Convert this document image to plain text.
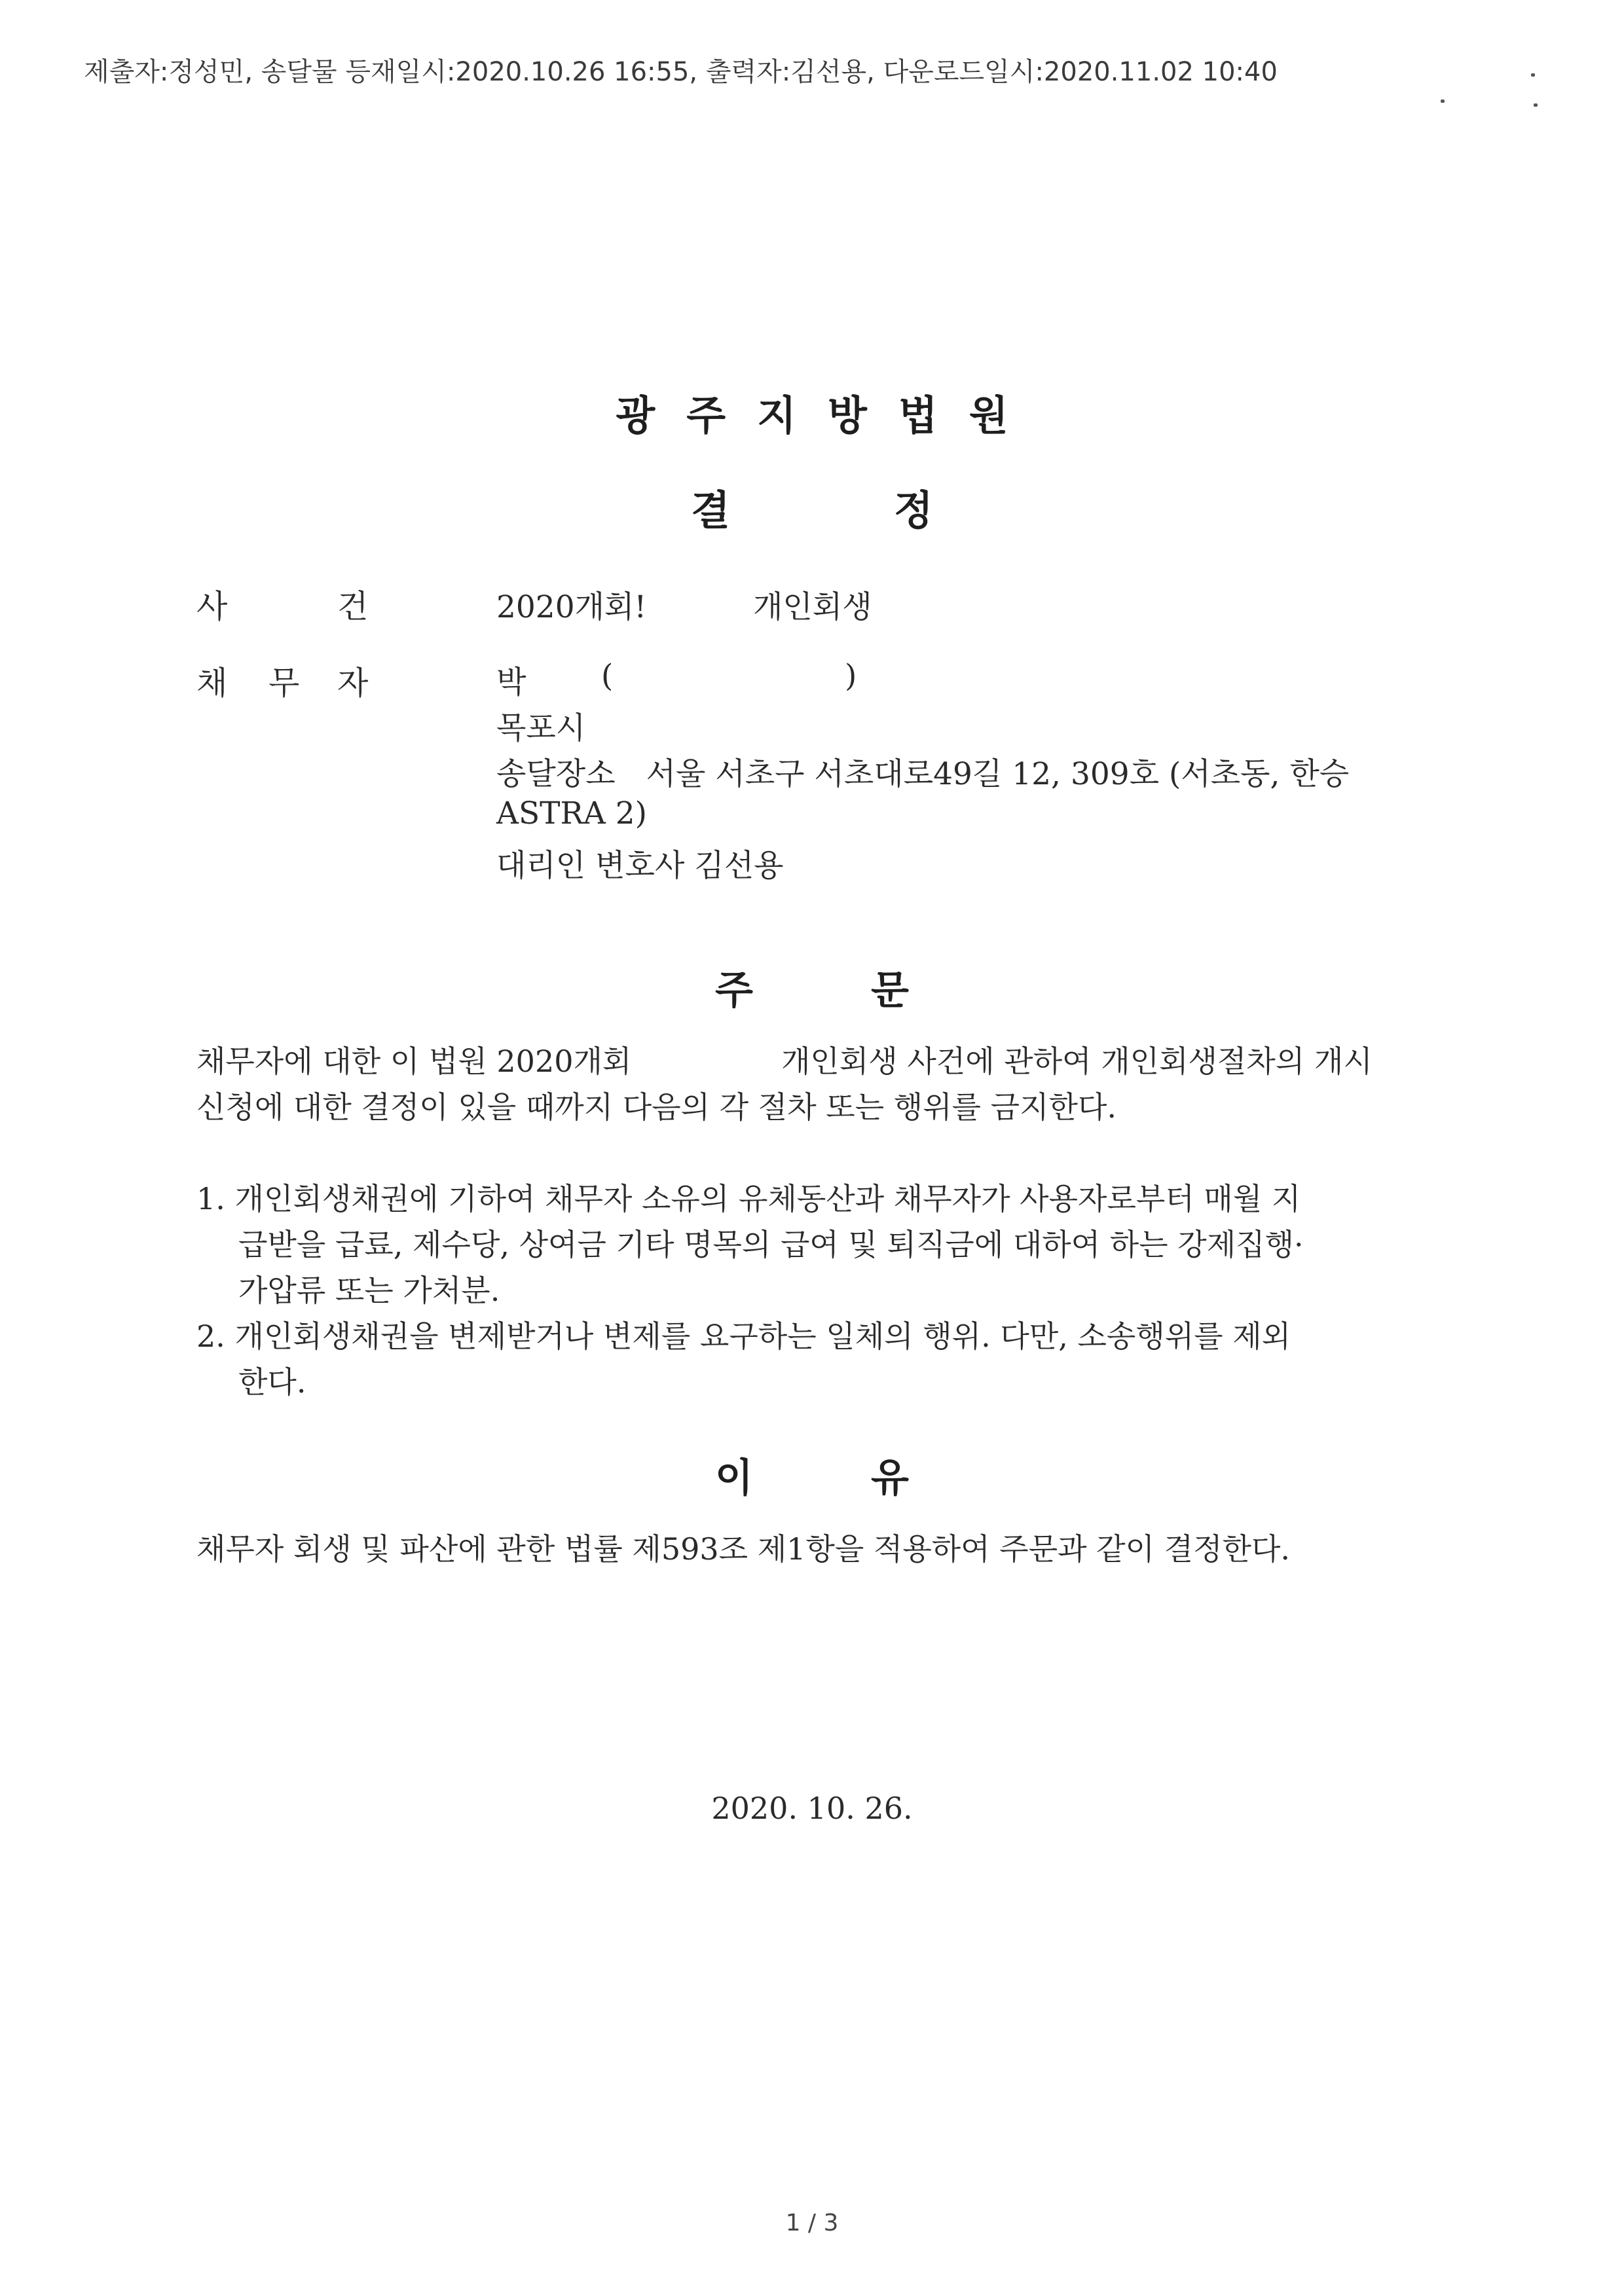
제출자:정성민, 송달물 등재일시:2020.10.26 16:55, 출력자:김선용, 다운로드일시:2020.11.02 10:40
광주지방법원
결	정
사	건	2020개회!	개인회생
채 무 자	박 (	)
목포시
송달장소　서울 서초구 서초대로49길 12, 309호 (서초동, 한승
ASTRA 2)
대리인 변호사 김선용
주	문
채무자에 대한 이 법원 2020개회	개인회생 사건에 관하여 개인회생절차의 개시
신청에 대한 결정이 있을 때까지 다음의 각 절차 또는 행위를 금지한다.
1. 개인회생채권에 기하여 채무자 소유의 유체동산과 채무자가 사용자로부터 매월 지
급받을 급료, 제수당, 상여금 기타 명목의 급여 및 퇴직금에 대하여 하는 강제집행·
가압류 또는 가처분.
2. 개인회생채권을 변제받거나 변제를 요구하는 일체의 행위. 다만, 소송행위를 제외
한다.
이	유
채무자 회생 및 파산에 관한 법률 제593조 제1항을 적용하여 주문과 같이 결정한다.
2020. 10. 26.
1 / 3
